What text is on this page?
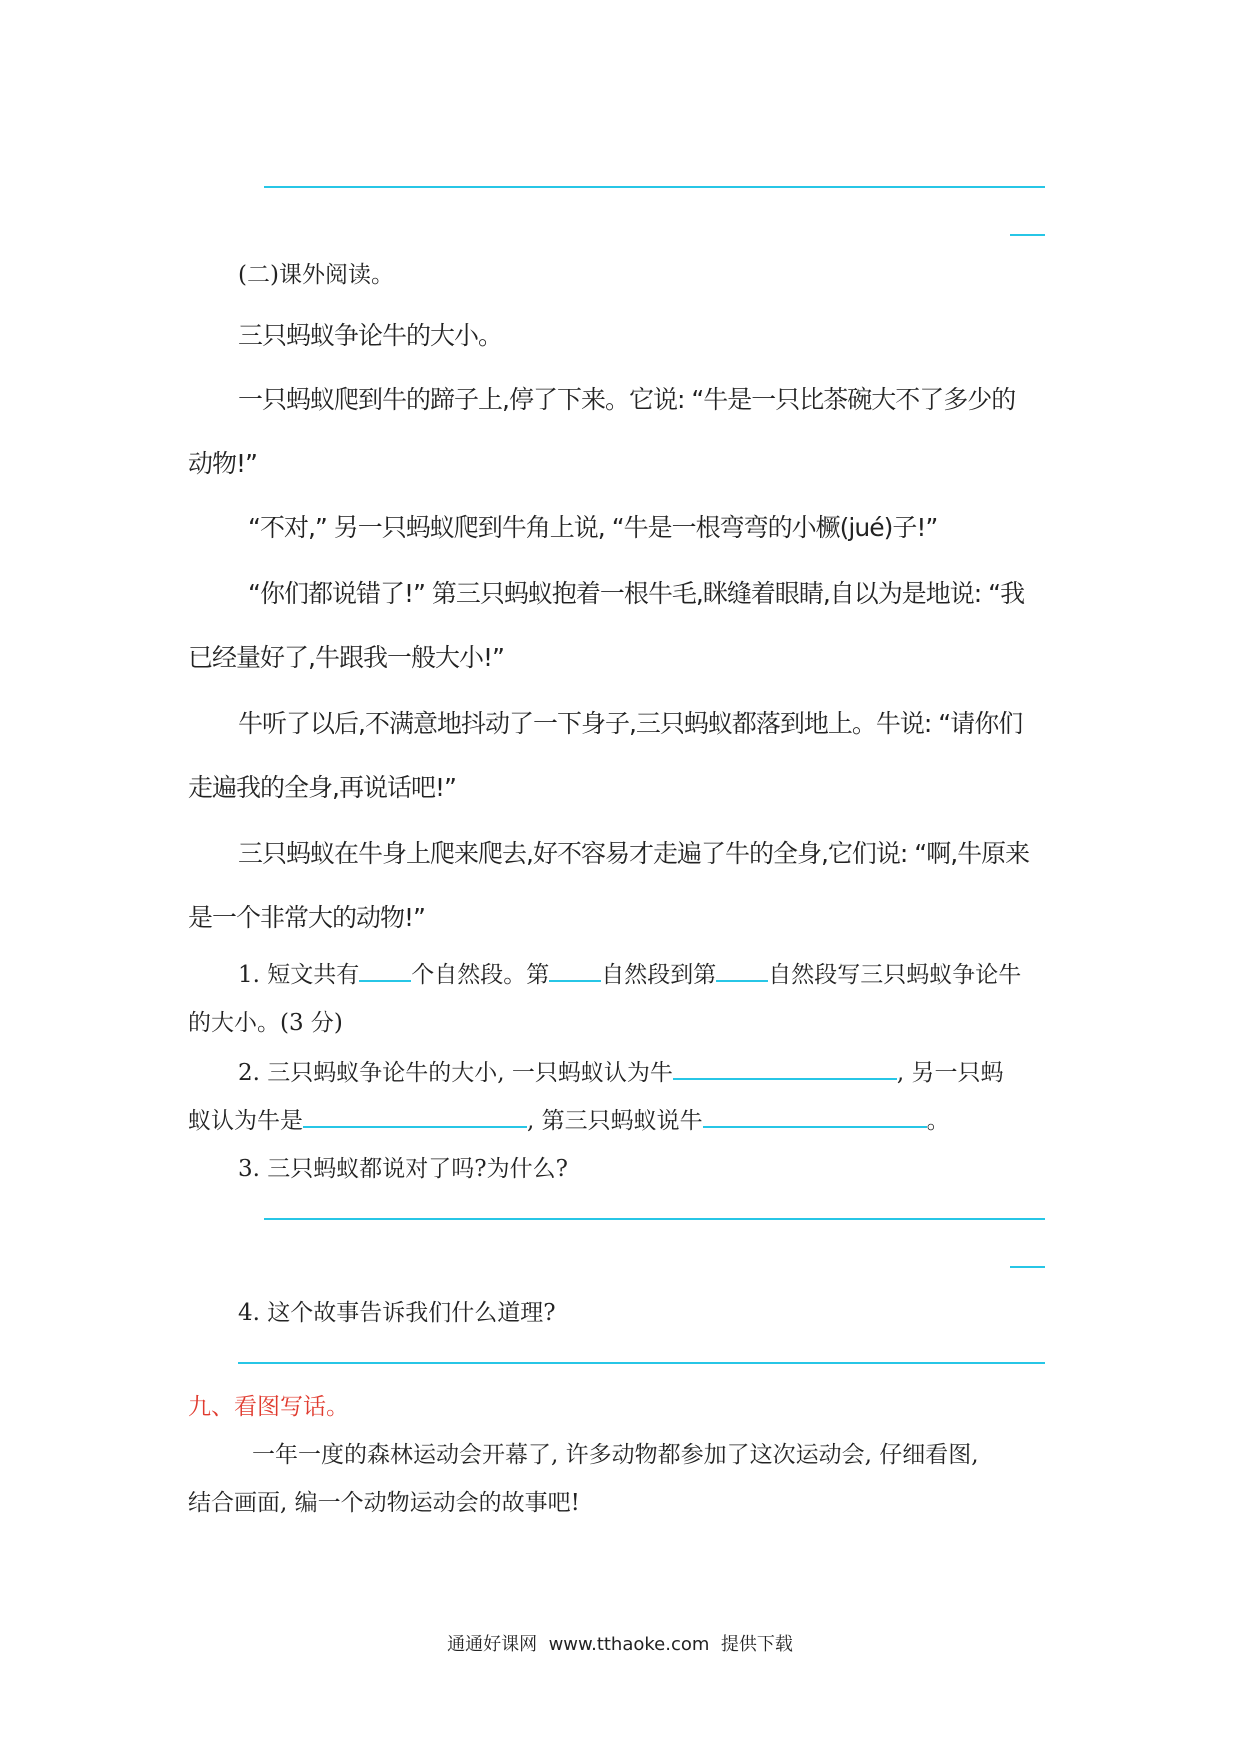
(二)课外阅读。
三只蚂蚁争论牛的大小。
一只蚂蚁爬到牛的蹄子上,停了下来。它说: “牛是一只比茶碗大不了多少的
动物!”
“不对,” 另一只蚂蚁爬到牛角上说, “牛是一根弯弯的小橛(jué)子!”
“你们都说错了!” 第三只蚂蚁抱着一根牛毛,眯缝着眼睛,自以为是地说: “我
已经量好了,牛跟我一般大小!”
牛听了以后,不满意地抖动了一下身子,三只蚂蚁都落到地上。牛说: “请你们
走遍我的全身,再说话吧!”
三只蚂蚁在牛身上爬来爬去,好不容易才走遍了牛的全身,它们说: “啊,牛原来
是一个非常大的动物!”
1. 短文共有 个自然段。第 自然段到第 自然段写三只蚂蚁争论牛
的大小。(3 分)
2. 三只蚂蚁争论牛的大小, 一只蚂蚁认为牛	, 另一只蚂
蚁认为牛是	, 第三只蚂蚁说牛	。
3. 三只蚂蚁都说对了吗?为什么?
4. 这个故事告诉我们什么道理?
九、看图写话。
一年一度的森林运动会开幕了, 许多动物都参加了这次运动会, 仔细看图,
结合画面, 编一个动物运动会的故事吧!
通通好课网  www.tthaoke.com  提供下载
